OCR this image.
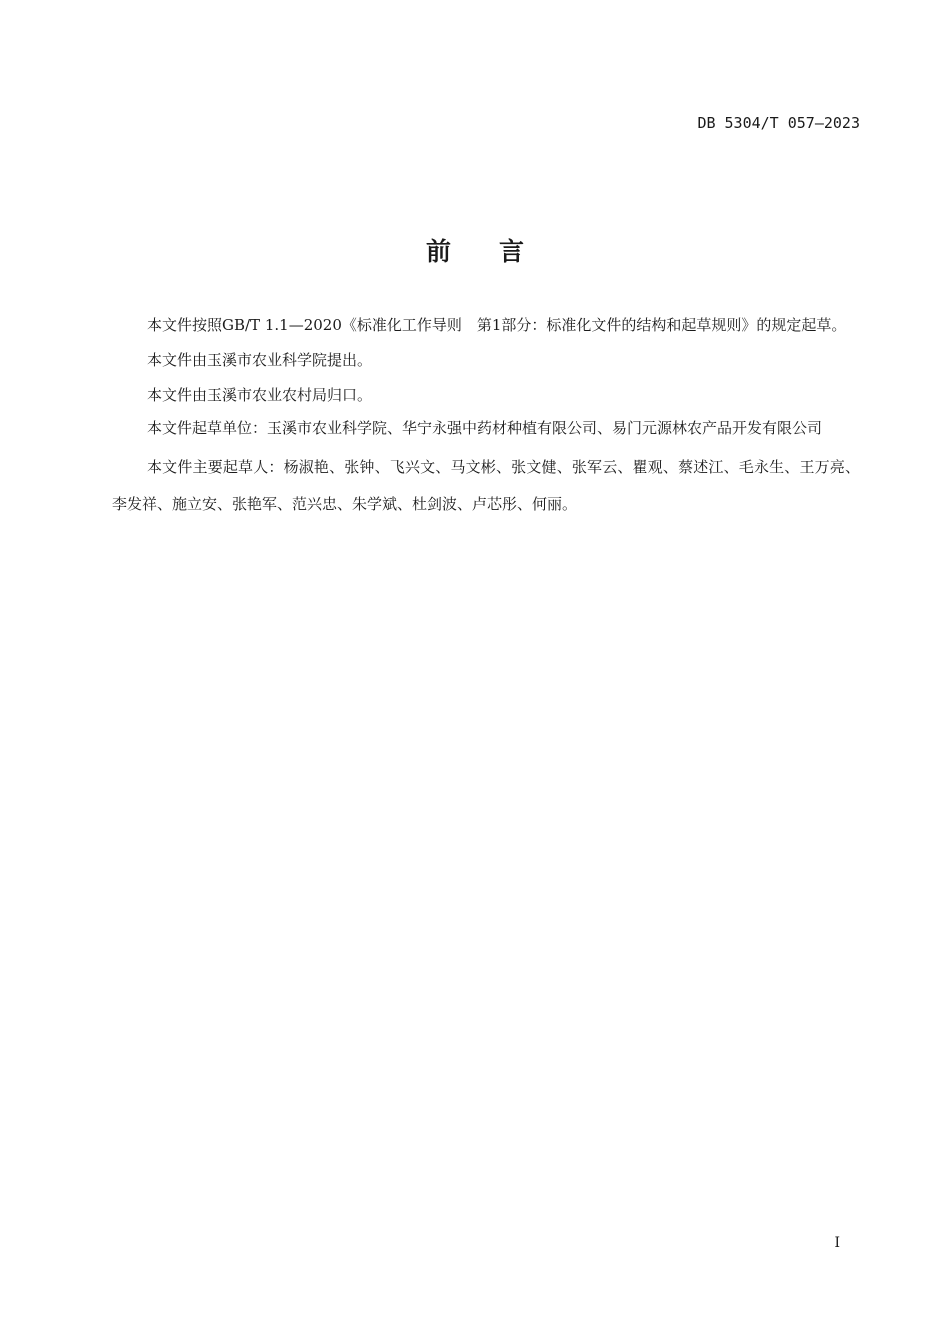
DB 5304/T 057—2023
前言

本文件按照GB/T 1.1—2020《标准化工作导则　第1部分：标准化文件的结构和起草规则》的规定起草。

本文件由玉溪市农业科学院提出。

本文件由玉溪市农业农村局归口。

本文件起草单位：玉溪市农业科学院、华宁永强中药材种植有限公司、易门元源林农产品开发有限公司

本文件主要起草人：杨淑艳、张钟、飞兴文、马文彬、张文健、张军云、瞿观、蔡述江、毛永生、王万亮、李发祥、施立安、张艳军、范兴忠、朱学斌、杜剑波、卢芯彤、何丽。

I
